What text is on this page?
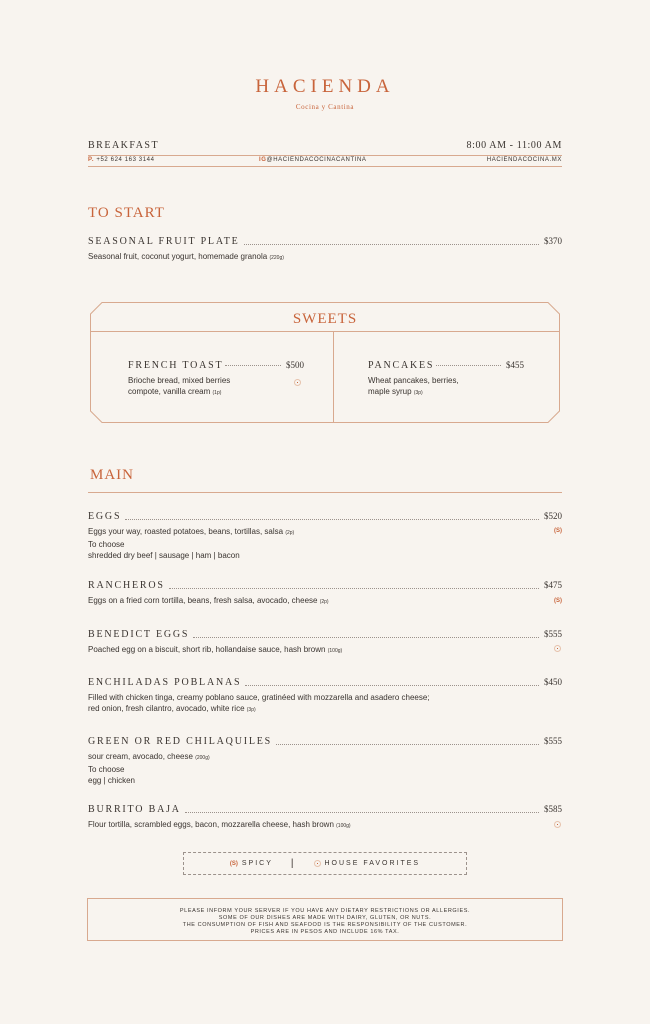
HACIENDA
Cocina y Cantina
BREAKFAST	8:00 AM - 11:00 AM
P. +52 624 163 3144	IG@HACIENDACOCINACANTINA	HACIENDACOCINA.MX
TO START
SEASONAL FRUIT PLATE	$370
Seasonal fruit, coconut yogurt, homemade granola (220g)
SWEETS
FRENCH TOAST	$500
Brioche bread, mixed berries
compote, vanilla cream (1p)
PANCAKES	$455
Wheat pancakes, berries,
maple syrup (3p)
MAIN
EGGS	$520
Eggs your way, roasted potatoes, beans, tortillas, salsa (2p)
To choose
shredded dry beef | sausage | ham | bacon
(S)
RANCHEROS	$475
Eggs on a fried corn tortilla, beans, fresh salsa, avocado, cheese (2p)	(S)
BENEDICT EGGS	$555
Poached egg on a biscuit, short rib, hollandaise sauce, hash brown (100g)
ENCHILADAS POBLANAS	$450
Filled with chicken tinga, creamy poblano sauce, gratinéed with mozzarella and asadero cheese;
red onion, fresh cilantro, avocado, white rice (3p)
GREEN OR RED CHILAQUILES	$555
sour cream, avocado, cheese (200g)
To choose
egg | chicken
BURRITO BAJA	$585
Flour tortilla, scrambled eggs, bacon, mozzarella cheese, hash brown (100g)
(S) SPICY |	HOUSE FAVORITES
PLEASE INFORM YOUR SERVER IF YOU HAVE ANY DIETARY RESTRICTIONS OR ALLERGIES.
SOME OF OUR DISHES ARE MADE WITH DAIRY, GLUTEN, OR NUTS.
THE CONSUMPTION OF FISH AND SEAFOOD IS THE RESPONSIBILITY OF THE CUSTOMER.
PRICES ARE IN PESOS AND INCLUDE 16% TAX.
